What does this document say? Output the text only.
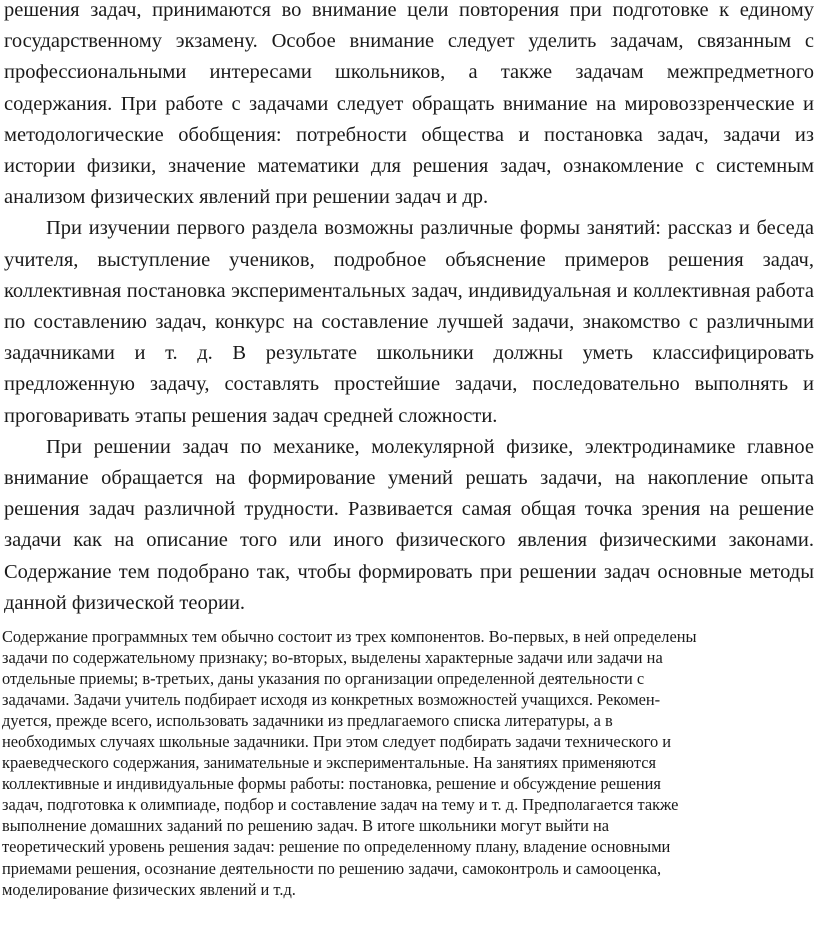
решения задач, принимаются во внимание цели повторения при подготовке к единому государственному экзамену. Особое внимание следует уделить задачам, связанным с профессиональными интересами школьников, а также задачам межпредметного содержания. При работе с задачами следует обращать внимание на мировоззренческие и методологические обобщения: потребности общества и постановка задач, задачи из истории физики, значение математики для решения задач, ознакомление с системным анализом физических явлений при решении задач и др.

При изучении первого раздела возможны различные формы занятий: рассказ и беседа учителя, выступление учеников, подробное объяснение примеров решения задач, коллективная постановка экспериментальных задач, индивидуальная и коллективная работа по составлению задач, конкурс на составление лучшей задачи, знакомство с различными задачниками и т. д. В результате школьники должны уметь классифицировать предложенную задачу, составлять простейшие задачи, последовательно выполнять и проговаривать этапы решения задач средней сложности.

При решении задач по механике, молекулярной физике, электродинамике главное внимание обращается на формирование умений решать задачи, на накопление опыта решения задач различной трудности. Развивается самая общая точка зрения на решение задачи как на описание того или иного физического явления физическими законами. Содержание тем подобрано так, чтобы формировать при решении задач основные методы данной физической теории.

Содержание программных тем обычно состоит из трех компонентов. Во-первых, в ней определены

задачи по содержательному признаку; во-вторых, выделены характерные задачи или задачи на

отдельные приемы; в-третьих, даны указания по организации определенной деятельности с

задачами. Задачи учитель подбирает исходя из конкретных возможностей учащихся. Рекомен-

дуется, прежде всего, использовать задачники из предлагаемого списка литературы, а в

необходимых случаях школьные задачники. При этом следует подбирать задачи технического и

краеведческого содержания, занимательные и экспериментальные. На занятиях применяются

коллективные и индивидуальные формы работы: постановка, решение и обсуждение решения

задач, подготовка к олимпиаде, подбор и составление задач на тему и т. д. Предполагается также

выполнение домашних заданий по решению задач. В итоге школьники могут выйти на

теоретический уровень решения задач: решение по определенному плану, владение основными

приемами решения, осознание деятельности по решению задачи, самоконтроль и самооценка,

моделирование физических явлений и т.д.
